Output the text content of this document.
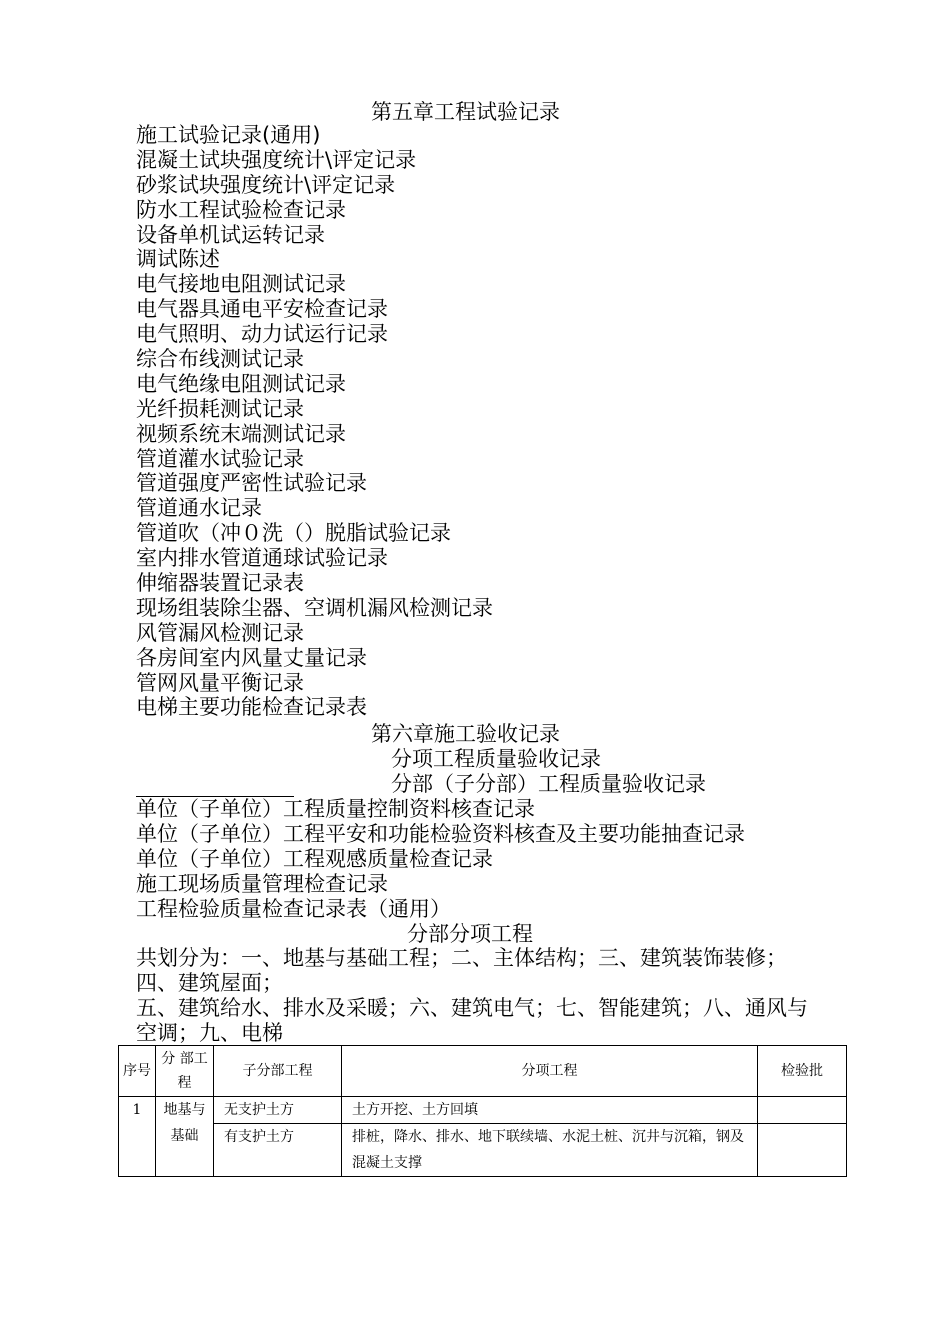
第五章工程试验记录
施工试验记录(通用)
混凝土试块强度统计\评定记录
砂浆试块强度统计\评定记录
防水工程试验检查记录
设备单机试运转记录
调试陈述
电气接地电阻测试记录
电气器具通电平安检查记录
电气照明、动力试运行记录
综合布线测试记录
电气绝缘电阻测试记录
光纤损耗测试记录
视频系统末端测试记录
管道灌水试验记录
管道强度严密性试验记录
管道通水记录
管道吹（冲０洗（）脱脂试验记录
室内排水管道通球试验记录
伸缩器装置记录表
现场组装除尘器、空调机漏风检测记录
风管漏风检测记录
各房间室内风量丈量记录
管网风量平衡记录
电梯主要功能检查记录表
第六章施工验收记录
分项工程质量验收记录
分部（子分部）工程质量验收记录
单位（子单位）工程质量控制资料核查记录
单位（子单位）工程平安和功能检验资料核查及主要功能抽查记录
单位（子单位）工程观感质量检查记录
施工现场质量管理检查记录
工程检验质量检查记录表（通用）
分部分项工程

共划分为：一、地基与基础工程；二、主体结构；三、建筑装饰装修；四、建筑屋面；

五、建筑给水、排水及采暖；六、建筑电气；七、智能建筑；八、通风与空调；九、电梯

序号	分 部工程	子分部工程	分项工程	检验批
1	地基与基础	无支护土方	土方开挖、土方回填	
		有支护土方	排桩，降水、排水、地下联续墙、水泥土桩、沉井与沉箱，钢及混凝土支撑	
